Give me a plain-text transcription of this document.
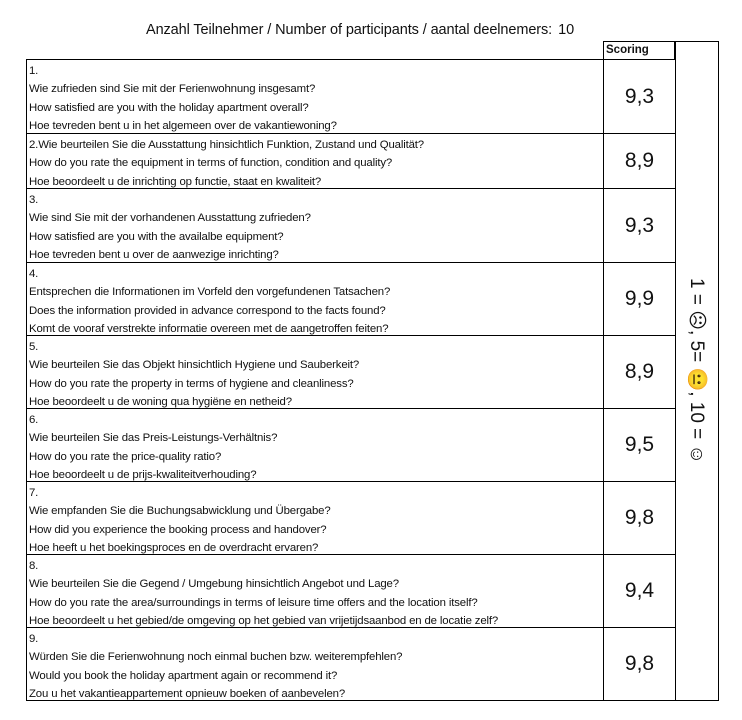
Anzahl Teilnehmer / Number of participants / aantal deelnemers: 10
Scoring
1 = ☹, 5= 😐, 10 = ☺
1.
Wie zufrieden sind Sie mit der Ferienwohnung insgesamt?
How satisfied are you with the holiday apartment overall?
Hoe tevreden bent u in het algemeen over de vakantiewoning?
9,3
2.Wie beurteilen Sie die Ausstattung hinsichtlich Funktion, Zustand und Qualität?
How do you rate the equipment in terms of function, condition and quality?
Hoe beoordeelt u de inrichting op functie, staat en kwaliteit?
8,9
3.
Wie sind Sie mit der vorhandenen Ausstattung zufrieden?
How satisfied are you with the availalbe equipment?
Hoe tevreden bent u over de aanwezige inrichting?
9,3
4.
Entsprechen die Informationen im Vorfeld den vorgefundenen Tatsachen?
Does the information provided in advance correspond to the facts found?
Komt de vooraf verstrekte informatie overeen met de aangetroffen feiten?
9,9
5.
Wie beurteilen Sie das Objekt hinsichtlich Hygiene und Sauberkeit?
How do you rate the property in terms of hygiene and cleanliness?
Hoe beoordeelt u de woning qua hygiëne en netheid?
8,9
6.
Wie beurteilen Sie das Preis-Leistungs-Verhältnis?
How do you rate the price-quality ratio?
Hoe beoordeelt u de prijs-kwaliteitverhouding?
9,5
7.
Wie empfanden Sie die Buchungsabwicklung und Übergabe?
How did you experience the booking process and handover?
Hoe heeft u het boekingsproces en de overdracht ervaren?
9,8
8.
Wie beurteilen Sie die Gegend / Umgebung hinsichtlich Angebot und Lage?
How do you rate the area/surroundings in terms of leisure time offers and the location itself?
Hoe beoordeelt u het gebied/de omgeving op het gebied van vrijetijdsaanbod en de locatie zelf?
9,4
9.
Würden Sie die Ferienwohnung noch einmal buchen bzw. weiterempfehlen?
Would you book the holiday apartment again or recommend it?
Zou u het vakantieappartement opnieuw boeken of aanbevelen?
9,8
